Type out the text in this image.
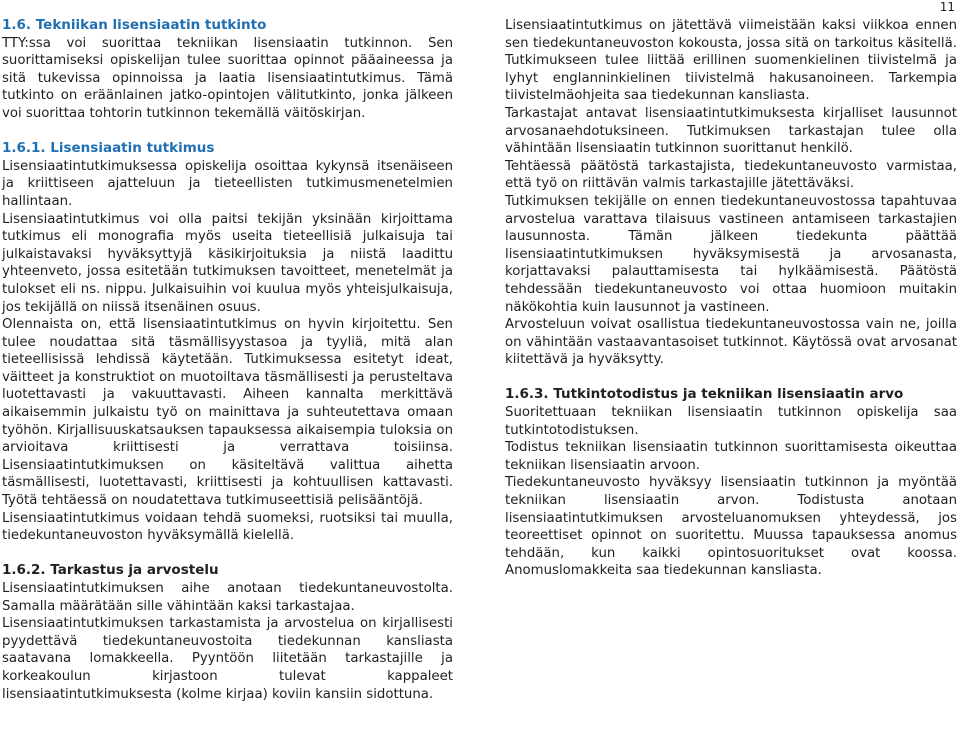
11
1.6. Tekniikan lisensiaatin tutkinto

TTY:ssa voi suorittaa tekniikan lisensiaatin tutkinnon. Sen suorittamiseksi opiskelijan tulee suorittaa opinnot pääaineessa ja sitä tukevissa opinnoissa ja laatia lisensiaatintutkimus. Tämä tutkinto on eräänlainen jatko-opintojen välitutkinto, jonka jälkeen voi suorittaa tohtorin tutkinnon tekemällä väitöskirjan.

1.6.1. Lisensiaatin tutkimus

Lisensiaatintutkimuksessa opiskelija osoittaa kykynsä itsenäiseen ja kriittiseen ajatteluun ja tieteellisten tutkimusmenetelmien hallintaan.

Lisensiaatintutkimus voi olla paitsi tekijän yksinään kirjoittama tutkimus eli monografia myös useita tieteellisiä julkaisuja tai julkaistavaksi hyväksyttyjä käsikirjoituksia ja niistä laadittu yhteenveto, jossa esitetään tutkimuksen tavoitteet, menetelmät ja tulokset eli ns. nippu. Julkaisuihin voi kuulua myös yhteisjulkaisuja, jos tekijällä on niissä itsenäinen osuus.

Olennaista on, että lisensiaatintutkimus on hyvin kirjoitettu. Sen tulee noudattaa sitä täsmällisyystasoa ja tyyliä, mitä alan tieteellisissä lehdissä käytetään. Tutkimuksessa esitetyt ideat, väitteet ja konstruktiot on muotoiltava täsmällisesti ja perusteltava luotettavasti ja vakuuttavasti. Aiheen kannalta merkittävä aikaisemmin julkaistu työ on mainittava ja suhteutettava omaan työhön. Kirjallisuuskatsauksen tapauksessa aikaisempia tuloksia on arvioitava kriittisesti ja verrattava toisiinsa. Lisensiaatintutkimuksen on käsiteltävä valittua aihetta täsmällisesti, luotettavasti, kriittisesti ja kohtuullisen kattavasti. Työtä tehtäessä on noudatettava tutkimuseettisiä pelisääntöjä.

Lisensiaatintutkimus voidaan tehdä suomeksi, ruotsiksi tai muulla, tiedekuntaneuvoston hyväksymällä kielellä.

1.6.2. Tarkastus ja arvostelu

Lisensiaatintutkimuksen aihe anotaan tiedekuntaneuvostolta. Samalla määrätään sille vähintään kaksi tarkastajaa.

Lisensiaatintutkimuksen tarkastamista ja arvostelua on kirjallisesti pyydettävä tiedekuntaneuvostoita tiedekunnan kansliasta saatavana lomakkeella. Pyyntöön liitetään tarkastajille ja korkeakoulun kirjastoon tulevat kappaleet lisensiaatintutkimuksesta (kolme kirjaa) koviin kansiin sidottuna.

Lisensiaatintutkimus on jätettävä viimeistään kaksi viikkoa ennen sen tiedekuntaneuvoston kokousta, jossa sitä on tarkoitus käsitellä. Tutkimukseen tulee liittää erillinen suomenkielinen tiivistelmä ja lyhyt englanninkielinen tiivistelmä hakusanoineen. Tarkempia tiivistelmäohjeita saa tiedekunnan kansliasta.

Tarkastajat antavat lisensiaatintutkimuksesta kirjalliset lausunnot arvosanaehdotuksineen. Tutkimuksen tarkastajan tulee olla vähintään lisensiaatin tutkinnon suorittanut henkilö.

Tehtäessä päätöstä tarkastajista, tiedekuntaneuvosto varmistaa, että työ on riittävän valmis tarkastajille jätettäväksi.

Tutkimuksen tekijälle on ennen tiedekuntaneuvostossa tapahtuvaa arvostelua varattava tilaisuus vastineen antamiseen tarkastajien lausunnosta. Tämän jälkeen tiedekunta päättää lisensiaatintutkimuksen hyväksymisestä ja arvosanasta, korjattavaksi palauttamisesta tai hylkäämisestä. Päätöstä tehdessään tiedekuntaneuvosto voi ottaa huomioon muitakin näkökohtia kuin lausunnot ja vastineen.

Arvosteluun voivat osallistua tiedekuntaneuvostossa vain ne, joilla on vähintään vastaavantasoiset tutkinnot. Käytössä ovat arvosanat kiitettävä ja hyväksytty.

1.6.3. Tutkintotodistus ja tekniikan lisensiaatin arvo

Suoritettuaan tekniikan lisensiaatin tutkinnon opiskelija saa tutkintotodistuksen.

Todistus tekniikan lisensiaatin tutkinnon suorittamisesta oikeuttaa tekniikan lisensiaatin arvoon.

Tiedekuntaneuvosto hyväksyy lisensiaatin tutkinnon ja myöntää tekniikan lisensiaatin arvon. Todistusta anotaan lisensiaatintutkimuksen arvosteluanomuksen yhteydessä, jos teoreettiset opinnot on suoritettu. Muussa tapauksessa anomus tehdään, kun kaikki opintosuoritukset ovat koossa. Anomuslomakkeita saa tiedekunnan kansliasta.
